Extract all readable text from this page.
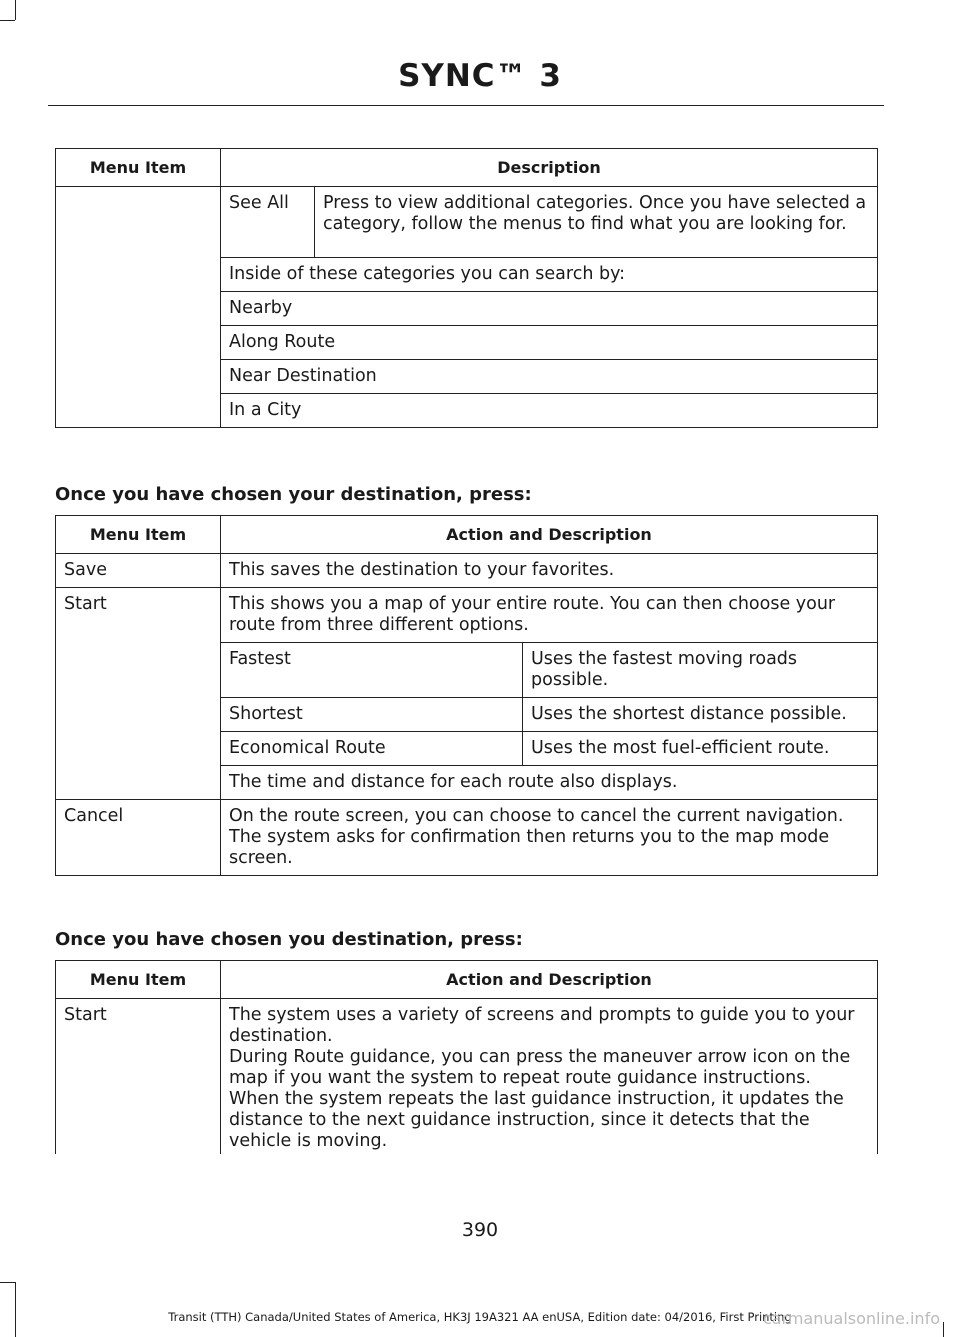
SYNC™ 3
Menu Item	Description	
	See All	Press to view additional categories. Once you have selected a category, follow the menus to find what you are looking for.
	Inside of these categories you can search by:	
	Nearby	
	Along Route	
	Near Destination	
	In a City	
Once you have chosen your destination, press:
Menu Item	Action and Description	
Save	This saves the destination to your favorites.	
Start	This shows you a map of your entire route. You can then choose your route from three different options.	
	Fastest	Uses the fastest moving roads possible.
	Shortest	Uses the shortest distance possible.
	Economical Route	Uses the most fuel-efficient route.
	The time and distance for each route also displays.	
Cancel	On the route screen, you can choose to cancel the current navigation. The system asks for confirmation then returns you to the map mode screen.	
Once you have chosen you destination, press:
Menu Item	Action and Description
Start	The system uses a variety of screens and prompts to guide you to your destination.
During Route guidance, you can press the maneuver arrow icon on the map if you want the system to repeat route guidance instructions.
When the system repeats the last guidance instruction, it updates the distance to the next guidance instruction, since it detects that the vehicle is moving.
390
Transit (TTH) Canada/United States of America, HK3J 19A321 AA enUSA, Edition date: 04/2016, First Printing
carmanualsonline.info
